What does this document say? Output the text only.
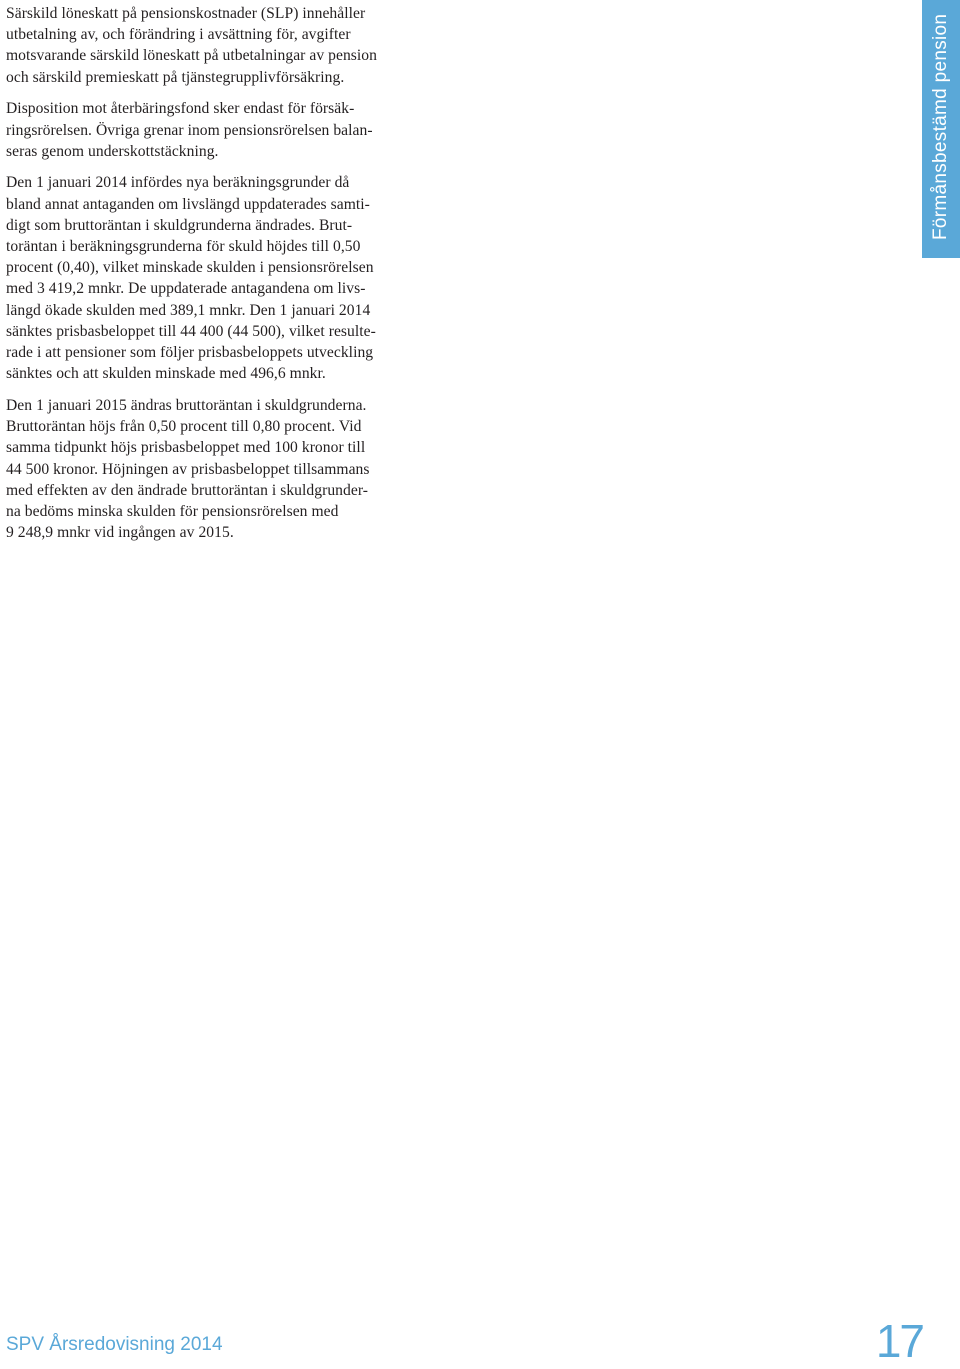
Särskild löneskatt på pensionskostnader (SLP) innehåller
utbetalning av, och förändring i avsättning för, avgifter
motsvarande särskild löneskatt på utbetalningar av pension
och särskild premieskatt på tjänstegrupplivförsäkring.

Disposition mot återbäringsfond sker endast för försäk-
ringsrörelsen. Övriga grenar inom pensionsrörelsen balan-
seras genom underskottstäckning.

Den 1 januari 2014 infördes nya beräkningsgrunder då
bland annat antaganden om livslängd uppdaterades samti-
digt som bruttoräntan i skuldgrunderna ändrades. Brut-
toräntan i beräkningsgrunderna för skuld höjdes till 0,50
procent (0,40), vilket minskade skulden i pensionsrörelsen
med 3 419,2 mnkr. De uppdaterade antagandena om livs-
längd ökade skulden med 389,1 mnkr. Den 1 januari 2014
sänktes prisbasbeloppet till 44 400 (44 500), vilket resulte-
rade i att pensioner som följer prisbasbeloppets utveckling
sänktes och att skulden minskade med 496,6 mnkr.

Den 1 januari 2015 ändras bruttoräntan i skuldgrunderna.
Bruttoräntan höjs från 0,50 procent till 0,80 procent. Vid
samma tidpunkt höjs prisbasbeloppet med 100 kronor till
44 500 kronor. Höjningen av prisbasbeloppet tillsammans
med effekten av den ändrade bruttoräntan i skuldgrunder-
na bedöms minska skulden för pensionsrörelsen med
9 248,9 mnkr vid ingången av 2015.

Förmånsbestämd pension
SPV Årsredovisning 2014	17
